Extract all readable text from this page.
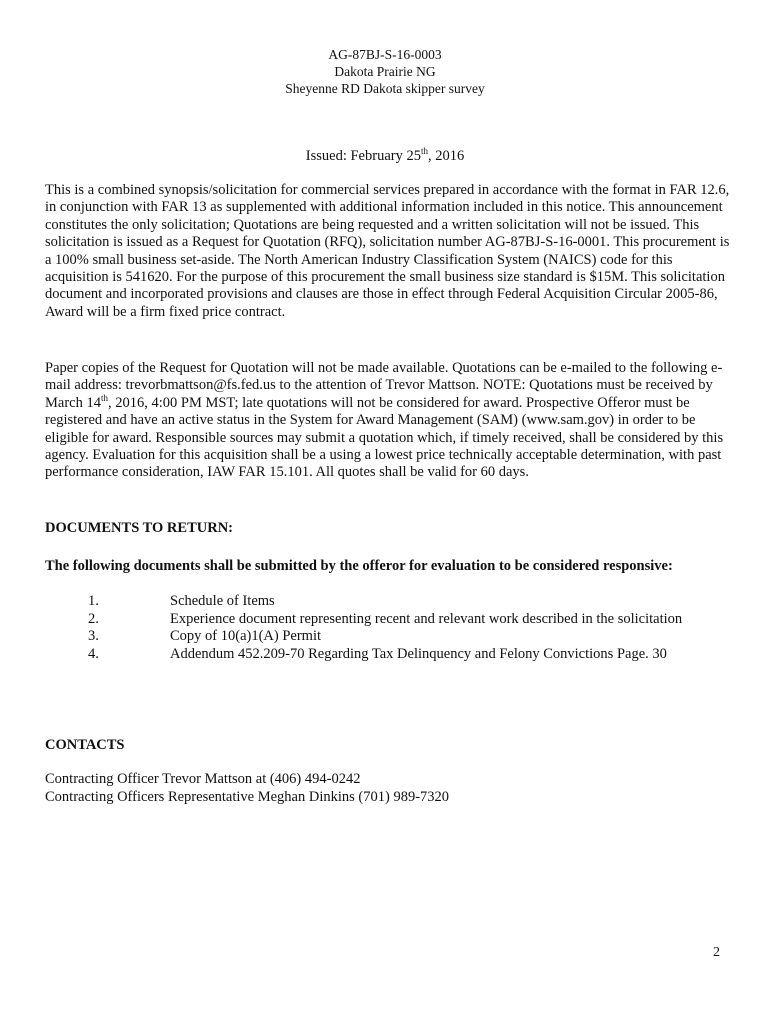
AG-87BJ-S-16-0003
Dakota Prairie NG
Sheyenne RD Dakota skipper survey
Issued: February 25th, 2016

This is a combined synopsis/solicitation for commercial services prepared in accordance with the format in FAR 12.6, in conjunction with FAR 13 as supplemented with additional information included in this notice. This announcement constitutes the only solicitation; Quotations are being requested and a written solicitation will not be issued. This solicitation is issued as a Request for Quotation (RFQ), solicitation number AG-87BJ-S-16-0001. This procurement is a 100% small business set-aside. The North American Industry Classification System (NAICS) code for this acquisition is 541620. For the purpose of this procurement the small business size standard is $15M. This solicitation document and incorporated provisions and clauses are those in effect through Federal Acquisition Circular 2005-86, Award will be a firm fixed price contract.

Paper copies of the Request for Quotation will not be made available. Quotations can be e-mailed to the following e-mail address: trevorbmattson@fs.fed.us to the attention of Trevor Mattson. NOTE: Quotations must be received by March 14th, 2016, 4:00 PM MST; late quotations will not be considered for award. Prospective Offeror must be registered and have an active status in the System for Award Management (SAM) (www.sam.gov) in order to be eligible for award. Responsible sources may submit a quotation which, if timely received, shall be considered by this agency. Evaluation for this acquisition shall be a using a lowest price technically acceptable determination, with past performance consideration, IAW FAR 15.101. All quotes shall be valid for 60 days.

DOCUMENTS TO RETURN:
The following documents shall be submitted by the offeror for evaluation to be considered responsive:
1.	Schedule of Items
2.	Experience document representing recent and relevant work described in the solicitation
3.	Copy of 10(a)1(A) Permit
4.	Addendum 452.209-70 Regarding Tax Delinquency and Felony Convictions Page. 30
CONTACTS
Contracting Officer Trevor Mattson at (406) 494-0242
Contracting Officers Representative Meghan Dinkins (701) 989-7320
2
